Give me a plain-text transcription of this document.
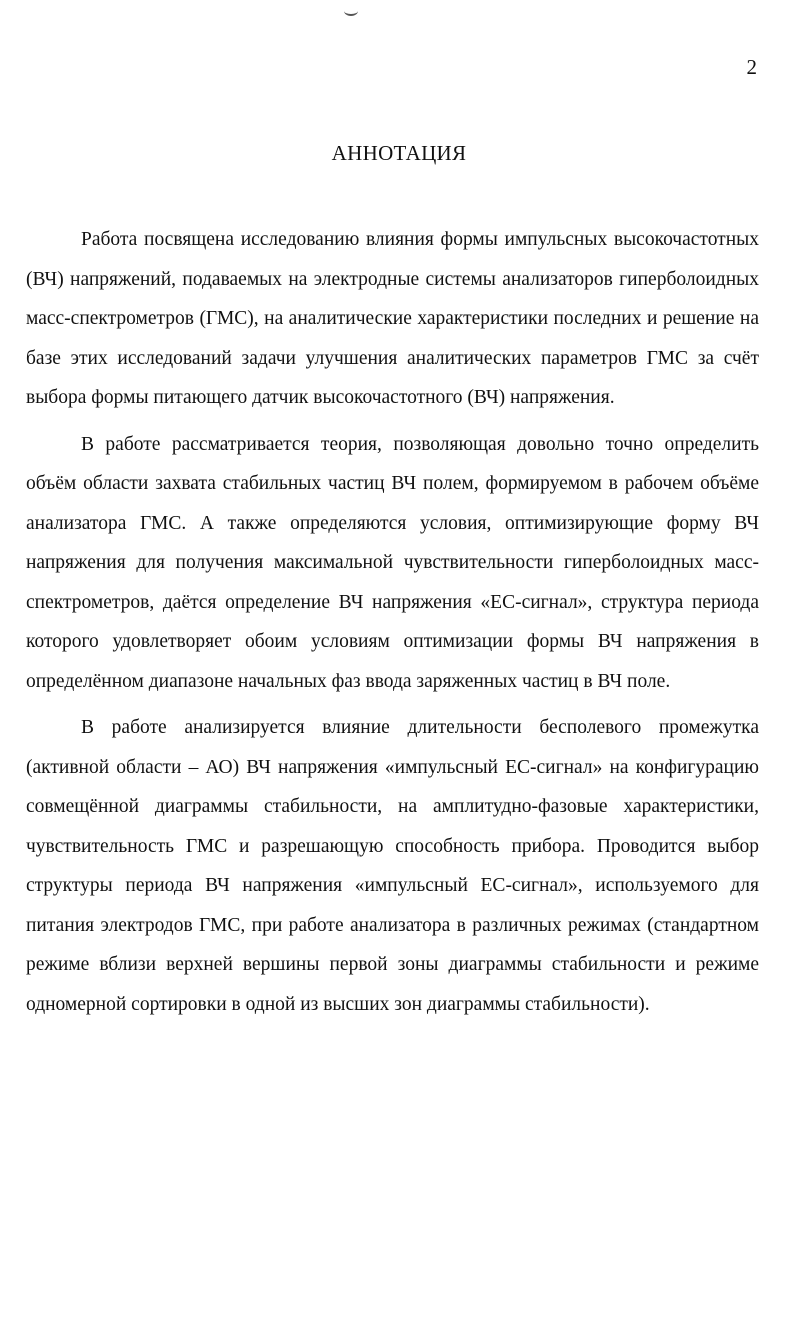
2
АННОТАЦИЯ

Работа посвящена исследованию влияния формы импульсных высокочастотных (ВЧ) напряжений, подаваемых на электродные системы анализаторов гиперболоидных масс-спектрометров (ГМС), на аналитические характеристики последних и решение на базе этих исследований задачи улучшения аналитических параметров ГМС за счёт выбора формы питающего датчик высокочастотного (ВЧ) напряжения.

В работе рассматривается теория, позволяющая довольно точно определить объём области захвата стабильных частиц ВЧ полем, формируемом в рабочем объёме анализатора ГМС. А также определяются условия, оптимизирующие форму ВЧ напряжения для получения максимальной чувствительности гиперболоидных масс-спектрометров, даётся определение ВЧ напряжения «ЕС-сигнал», структура периода которого удовлетворяет обоим условиям оптимизации формы ВЧ напряжения в определённом диапазоне начальных фаз ввода заряженных частиц в ВЧ поле.

В работе анализируется влияние длительности бесполевого промежутка (активной области – АО) ВЧ напряжения «импульсный ЕС-сигнал» на конфигурацию совмещённой диаграммы стабильности, на амплитудно-фазовые характеристики, чувствительность ГМС и разрешающую способность прибора. Проводится выбор структуры периода ВЧ напряжения «импульсный ЕС-сигнал», используемого для питания электродов ГМС, при работе анализатора в различных режимах (стандартном режиме вблизи верхней вершины первой зоны диаграммы стабильности и режиме одномерной сортировки в одной из высших зон диаграммы стабильности).
